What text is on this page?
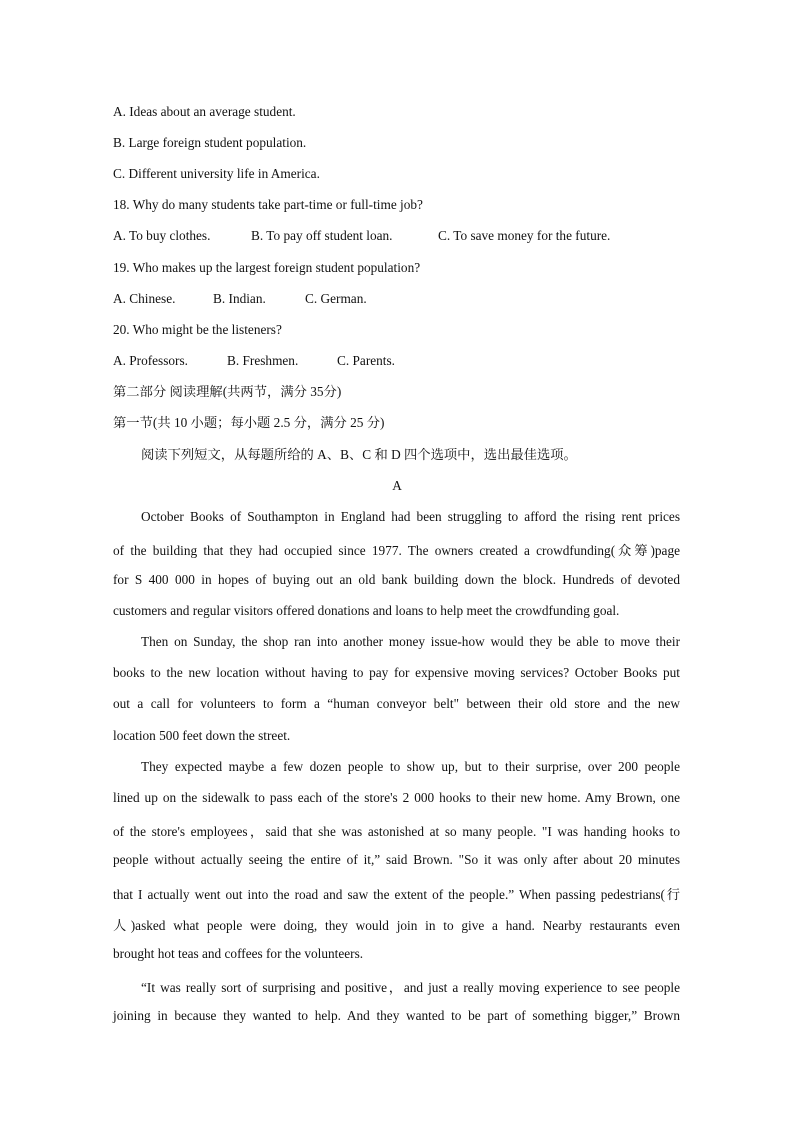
A. Ideas about an average student.
B. Large foreign student population.
C. Different university life in America.
18. Why do many students take part-time or full-time job?
A. To buy clothes.	B. To pay off student loan.	C. To save money for the future.
19. Who makes up the largest foreign student population?
A. Chinese.	B. Indian.	C. German.
20. Who might be the listeners?
A. Professors.	B. Freshmen.	C. Parents.
第二部分 阅读理解(共两节，满分 35分)
第一节(共 10 小题；每小题 2.5 分，满分 25 分)
阅读下列短文，从每题所给的 A、B、C 和 D 四个选项中，选出最佳选项。
A
October Books of Southampton in England had been struggling to afford the rising rent prices
of the building that they had occupied since 1977. The owners created a crowdfunding(众筹)page
for S 400 000 in hopes of buying out an old bank building down the block. Hundreds of devoted
customers and regular visitors offered donations and loans to help meet the crowdfunding goal.
Then on Sunday, the shop ran into another money issue-how would they be able to move their
books to the new location without having to pay for expensive moving services? October Books put
out a call for volunteers to form a “human conveyor belt" between their old store and the new
location 500 feet down the street.
They expected maybe a few dozen people to show up, but to their surprise, over 200 people
lined up on the sidewalk to pass each of the store's 2 000 hooks to their new home. Amy Brown, one
of the store's employees，said that she was astonished at so many people. "I was handing hooks to
people without actually seeing the entire of it,” said Brown. "So it was only after about 20 minutes
that I actually went out into the road and saw the extent of the people.” When passing pedestrians(行
人)asked what people were doing, they would join in to give a hand. Nearby restaurants even
brought hot teas and coffees for the volunteers.
“It was really sort of surprising and positive，and just a really moving experience to see people
joining in because they wanted to help. And they wanted to be part of something bigger,” Brown
